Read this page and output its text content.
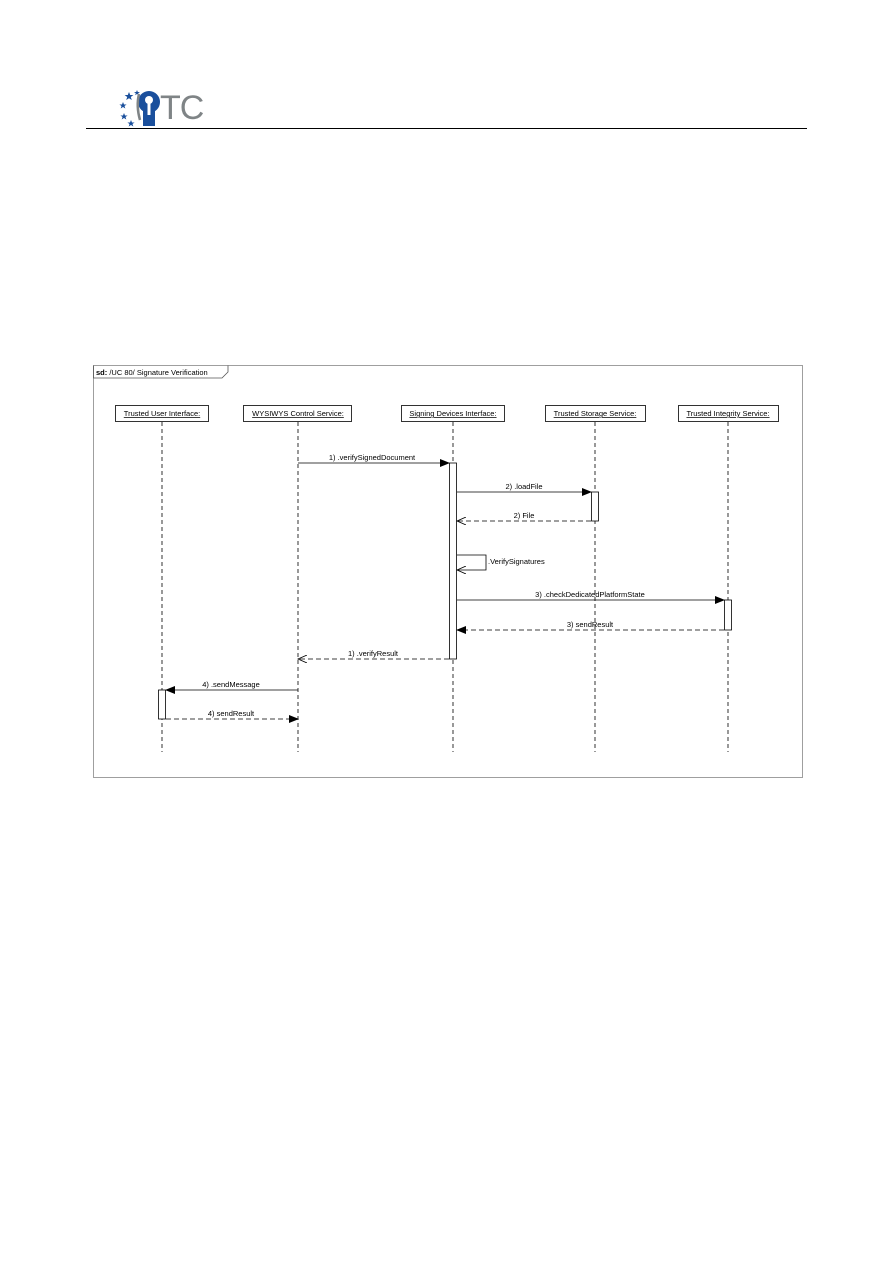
TC
sd: /UC 80/ Signature Verification
Trusted User Interface:	WYSIWYS Control Service:	Signing Devices Interface:	Trusted Storage Service:	Trusted Integrity Service:
1) .verifySignedDocument
2) .loadFile
2) File
.VerifySignatures
3) .checkDedicatedPlatformState
3) sendResult
1) .verifyResult
4) .sendMessage
4) sendResult
